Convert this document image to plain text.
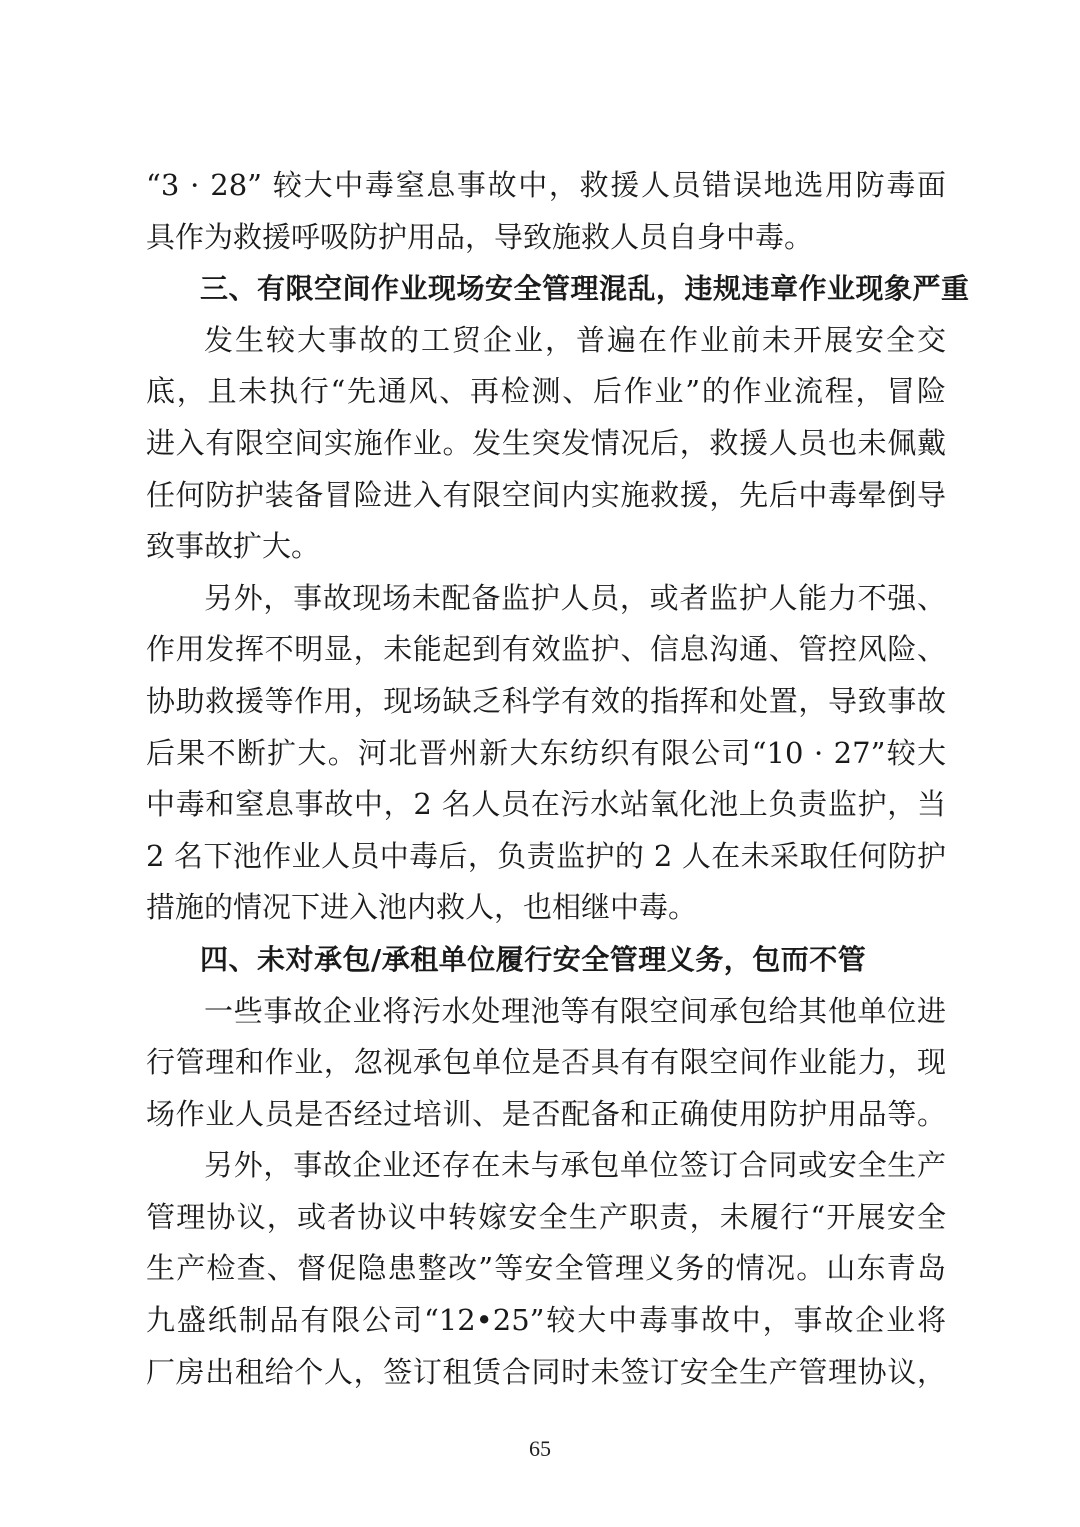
“3 · 28” 较大中毒窒息事故中，救援人员错误地选用防毒面
具作为救援呼吸防护用品，导致施救人员自身中毒。
三、有限空间作业现场安全管理混乱，违规违章作业现象严重
发生较大事故的工贸企业，普遍在作业前未开展安全交
底，且未执行“先通风、再检测、后作业”的作业流程，冒险
进入有限空间实施作业。发生突发情况后，救援人员也未佩戴
任何防护装备冒险进入有限空间内实施救援，先后中毒晕倒导
致事故扩大。
另外，事故现场未配备监护人员，或者监护人能力不强、
作用发挥不明显，未能起到有效监护、信息沟通、管控风险、
协助救援等作用，现场缺乏科学有效的指挥和处置，导致事故
后果不断扩大。河北晋州新大东纺织有限公司“10 · 27”较大
中毒和窒息事故中，2 名人员在污水站氧化池上负责监护，当
2 名下池作业人员中毒后，负责监护的 2 人在未采取任何防护
措施的情况下进入池内救人，也相继中毒。
四、未对承包/承租单位履行安全管理义务，包而不管
一些事故企业将污水处理池等有限空间承包给其他单位进
行管理和作业，忽视承包单位是否具有有限空间作业能力，现
场作业人员是否经过培训、是否配备和正确使用防护用品等。
另外，事故企业还存在未与承包单位签订合同或安全生产
管理协议，或者协议中转嫁安全生产职责，未履行“开展安全
生产检查、督促隐患整改”等安全管理义务的情况。山东青岛
九盛纸制品有限公司“12•25”较大中毒事故中，事故企业将
厂房出租给个人，签订租赁合同时未签订安全生产管理协议，
65
